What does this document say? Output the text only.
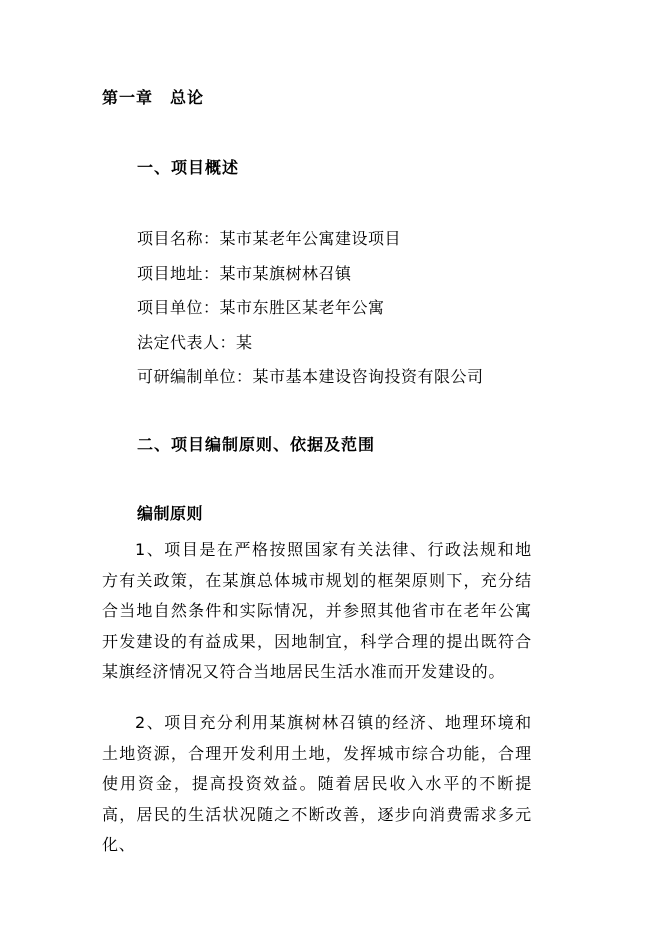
第一章　总论
一、项目概述
项目名称：某市某老年公寓建设项目
项目地址：某市某旗树林召镇
项目单位：某市东胜区某老年公寓
法定代表人：某
可研编制单位：某市基本建设咨询投资有限公司
二、项目编制原则、依据及范围
编制原则

1、项目是在严格按照国家有关法律、行政法规和地方有关政策，在某旗总体城市规划的框架原则下，充分结合当地自然条件和实际情况，并参照其他省市在老年公寓开发建设的有益成果，因地制宜，科学合理的提出既符合某旗经济情况又符合当地居民生活水准而开发建设的。

2、项目充分利用某旗树林召镇的经济、地理环境和土地资源，合理开发利用土地，发挥城市综合功能，合理使用资金，提高投资效益。随着居民收入水平的不断提高，居民的生活状况随之不断改善，逐步向消费需求多元化、
